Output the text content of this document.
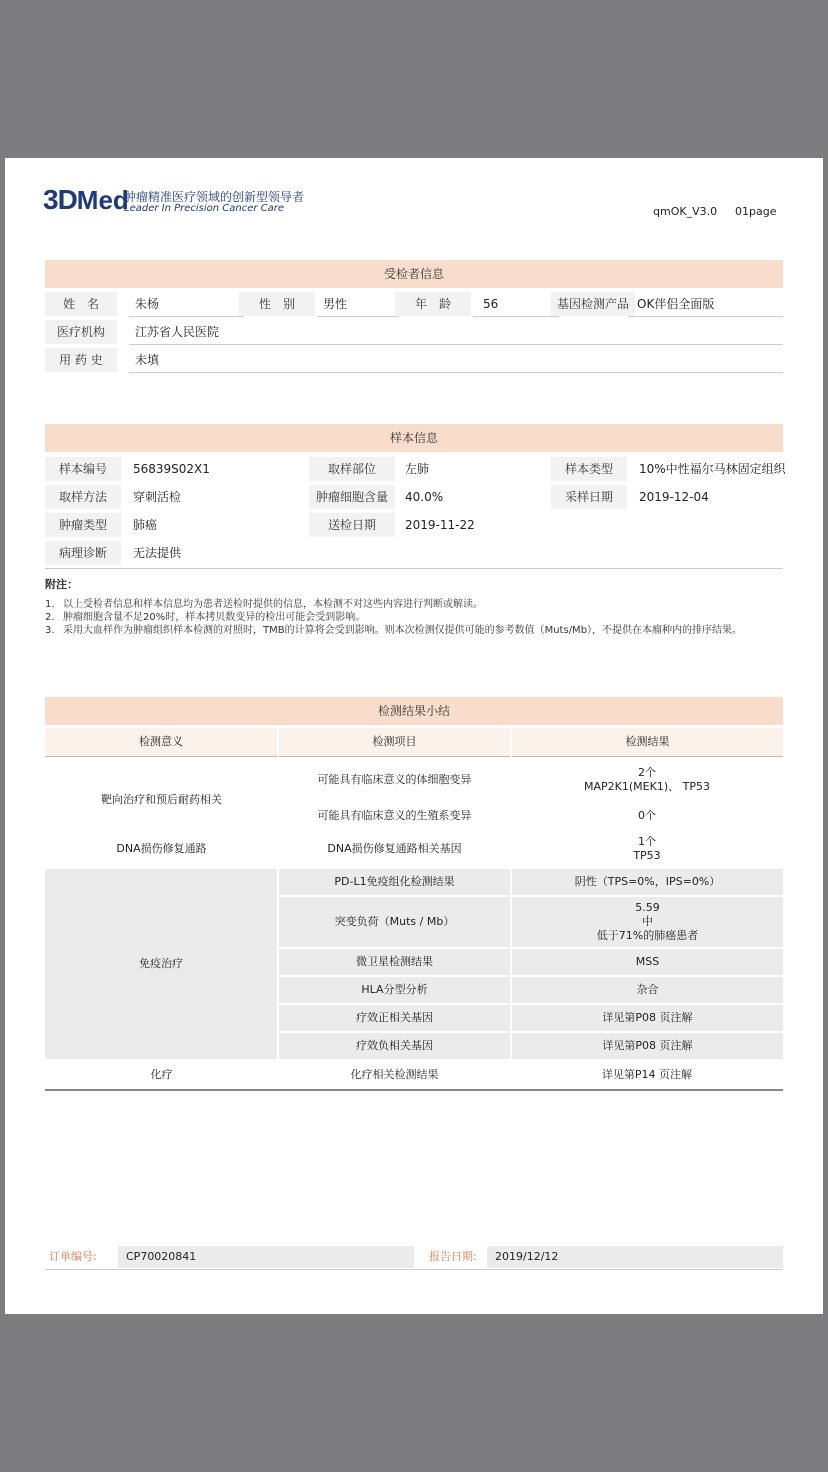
3DMed
肿瘤精准医疗领域的创新型领导者
Leader In Precision Cancer Care	qmOK_V3.0 01page
受检者信息
姓　名	朱杨	性　别	男性	年　龄	56	基因检测产品 OK伴侣全面版
医疗机构	江苏省人民医院
用 药 史	未填
样本信息
样本编号	56839S02X1	取样部位	左肺	样本类型	10%中性福尔马林固定组织
取样方法	穿刺活检	肿瘤细胞含量	40.0%	采样日期	2019-12-04
肿瘤类型	肺癌	送检日期	2019-11-22
病理诊断	无法提供
附注：
1. 以上受检者信息和样本信息均为患者送检时提供的信息，本检测不对这些内容进行判断或解读。
2. 肿瘤细胞含量不足20%时，样本拷贝数变异的检出可能会受到影响。
3. 采用大血样作为肿瘤组织样本检测的对照时，TMB的计算将会受到影响。则本次检测仅提供可能的参考数值（Muts/Mb），不提供在本瘤种内的排序结果。
检测结果小结
检测意义	检测项目	检测结果
靶向治疗和预后耐药相关	可能具有临床意义的体细胞变异	2个
MAP2K1(MEK1)、 TP53

	可能具有临床意义的生殖系变异	0个
DNA损伤修复通路	DNA损伤修复通路相关基因	1个
TP53

免疫治疗	PD-L1免疫组化检测结果	阴性（TPS=0%，IPS=0%）
	突变负荷（Muts / Mb）	5.59
中
低于71%的肺癌患者

	微卫星检测结果	MSS
	HLA分型分析	杂合
	疗效正相关基因	详见第P08 页注解
	疗效负相关基因	详见第P08 页注解
化疗	化疗相关检测结果	详见第P14 页注解
订单编号:	CP70020841	报告日期:	2019/12/12
